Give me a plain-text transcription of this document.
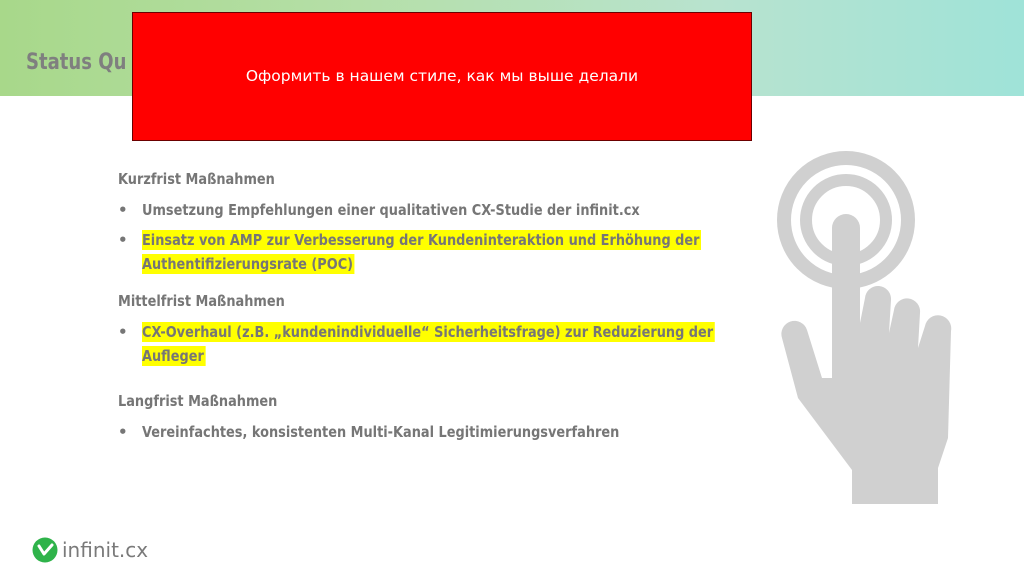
Status Qu
Оформить в нашем стиле, как мы выше делали
Kurzfrist Maßnahmen
• Umsetzung Empfehlungen einer qualitativen CX-Studie der infinit.cx
• Einsatz von AMP zur Verbesserung der Kundeninteraktion und Erhöhung der
Authentifizierungsrate (POC)
Mittelfrist Maßnahmen
• CX-Overhaul (z.B. „kundenindividuelle“ Sicherheitsfrage) zur Reduzierung der
Aufleger
Langfrist Maßnahmen
• Vereinfachtes, konsistenten Multi-Kanal Legitimierungsverfahren
infinit.cx
